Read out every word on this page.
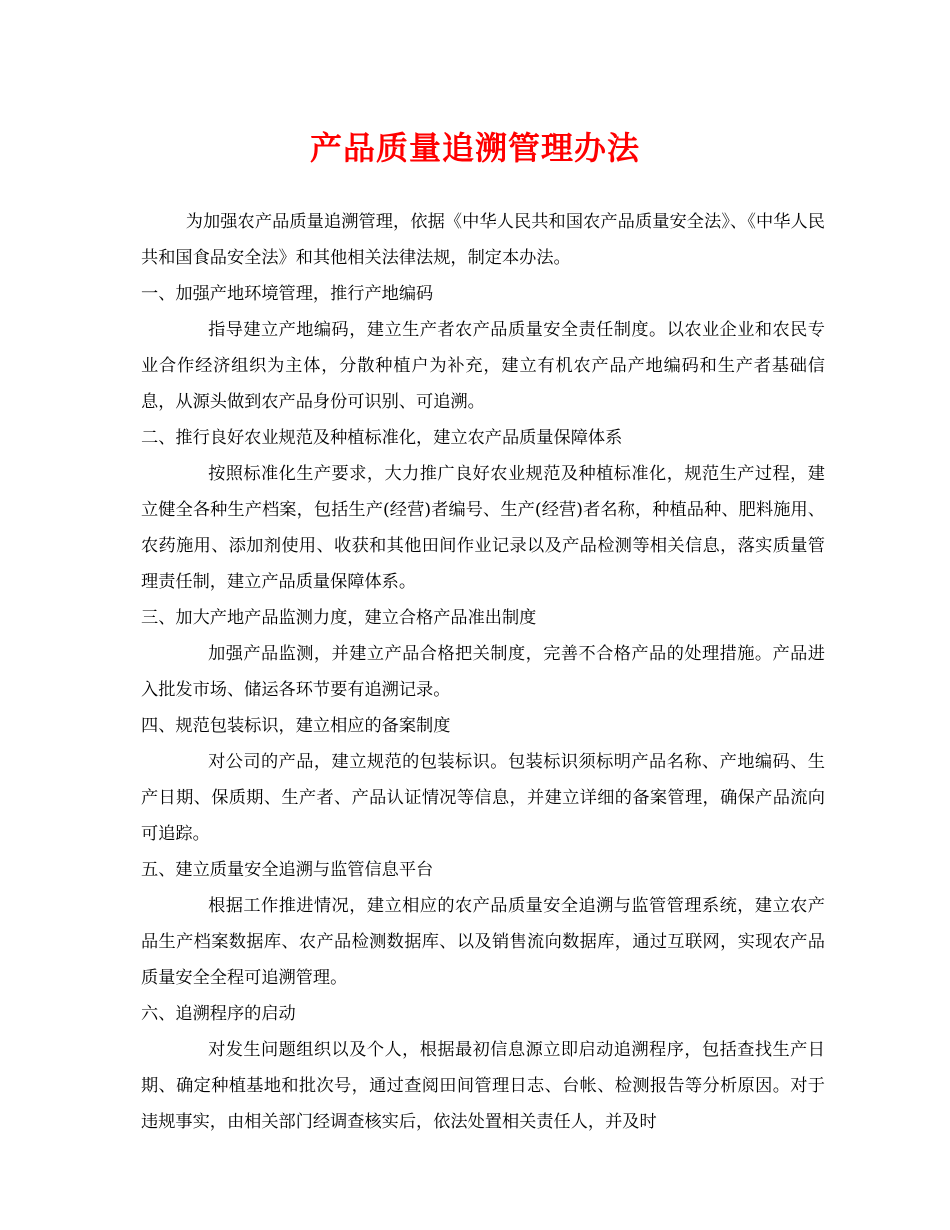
产品质量追溯管理办法

为加强农产品质量追溯管理，依据《中华人民共和国农产品质量安全法》、《中华人民共和国食品安全法》和其他相关法律法规，制定本办法。

一、加强产地环境管理，推行产地编码

指导建立产地编码，建立生产者农产品质量安全责任制度。以农业企业和农民专业合作经济组织为主体，分散种植户为补充，建立有机农产品产地编码和生产者基础信息，从源头做到农产品身份可识别、可追溯。

二、推行良好农业规范及种植标准化，建立农产品质量保障体系

按照标准化生产要求，大力推广良好农业规范及种植标准化，规范生产过程，建立健全各种生产档案，包括生产(经营)者编号、生产(经营)者名称，种植品种、肥料施用、农药施用、添加剂使用、收获和其他田间作业记录以及产品检测等相关信息，落实质量管理责任制，建立产品质量保障体系。

三、加大产地产品监测力度，建立合格产品准出制度

加强产品监测，并建立产品合格把关制度，完善不合格产品的处理措施。产品进入批发市场、储运各环节要有追溯记录。

四、规范包装标识，建立相应的备案制度

对公司的产品，建立规范的包装标识。包装标识须标明产品名称、产地编码、生产日期、保质期、生产者、产品认证情况等信息，并建立详细的备案管理，确保产品流向可追踪。

五、建立质量安全追溯与监管信息平台

根据工作推进情况，建立相应的农产品质量安全追溯与监管管理系统，建立农产品生产档案数据库、农产品检测数据库、以及销售流向数据库，通过互联网，实现农产品质量安全全程可追溯管理。

六、追溯程序的启动

对发生问题组织以及个人，根据最初信息源立即启动追溯程序，包括查找生产日期、确定种植基地和批次号，通过查阅田间管理日志、台帐、检测报告等分析原因。对于违规事实，由相关部门经调查核实后，依法处置相关责任人，并及时
